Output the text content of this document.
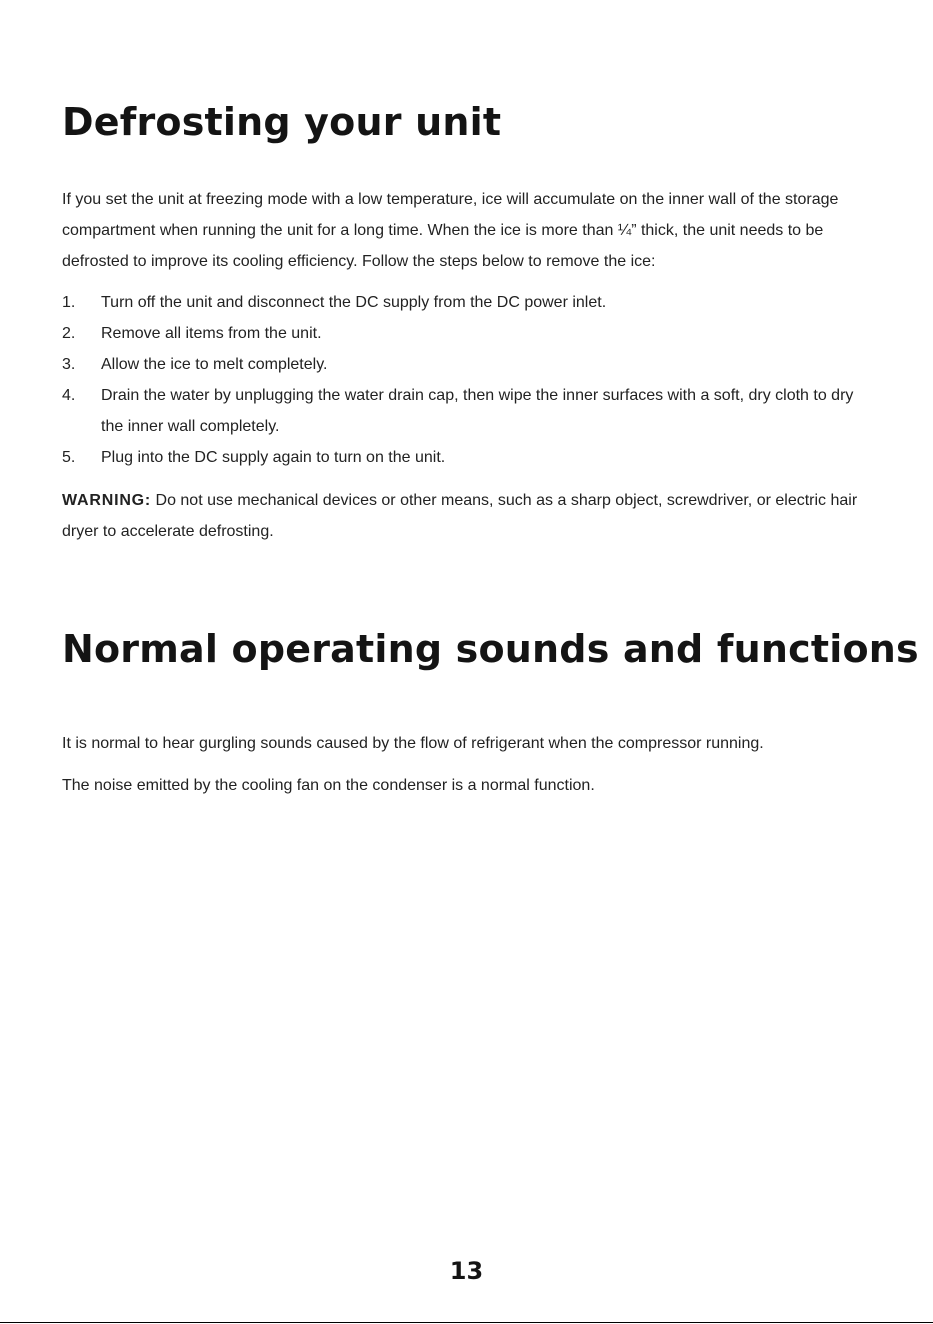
Defrosting your unit

If you set the unit at freezing mode with a low temperature, ice will accumulate on the inner wall of the storage compartment when running the unit for a long time. When the ice is more than ¼” thick, the unit needs to be defrosted to improve its cooling efficiency. Follow the steps below to remove the ice:

1. Turn off the unit and disconnect the DC supply from the DC power inlet.
2. Remove all items from the unit.
3. Allow the ice to melt completely.
4. Drain the water by unplugging the water drain cap, then wipe the inner surfaces with a soft, dry cloth to dry the inner wall completely.
5. Plug into the DC supply again to turn on the unit.

WARNING: Do not use mechanical devices or other means, such as a sharp object, screwdriver, or electric hair dryer to accelerate defrosting.

Normal operating sounds and functions

It is normal to hear gurgling sounds caused by the flow of refrigerant when the compressor running.

The noise emitted by the cooling fan on the condenser is a normal function.

13
